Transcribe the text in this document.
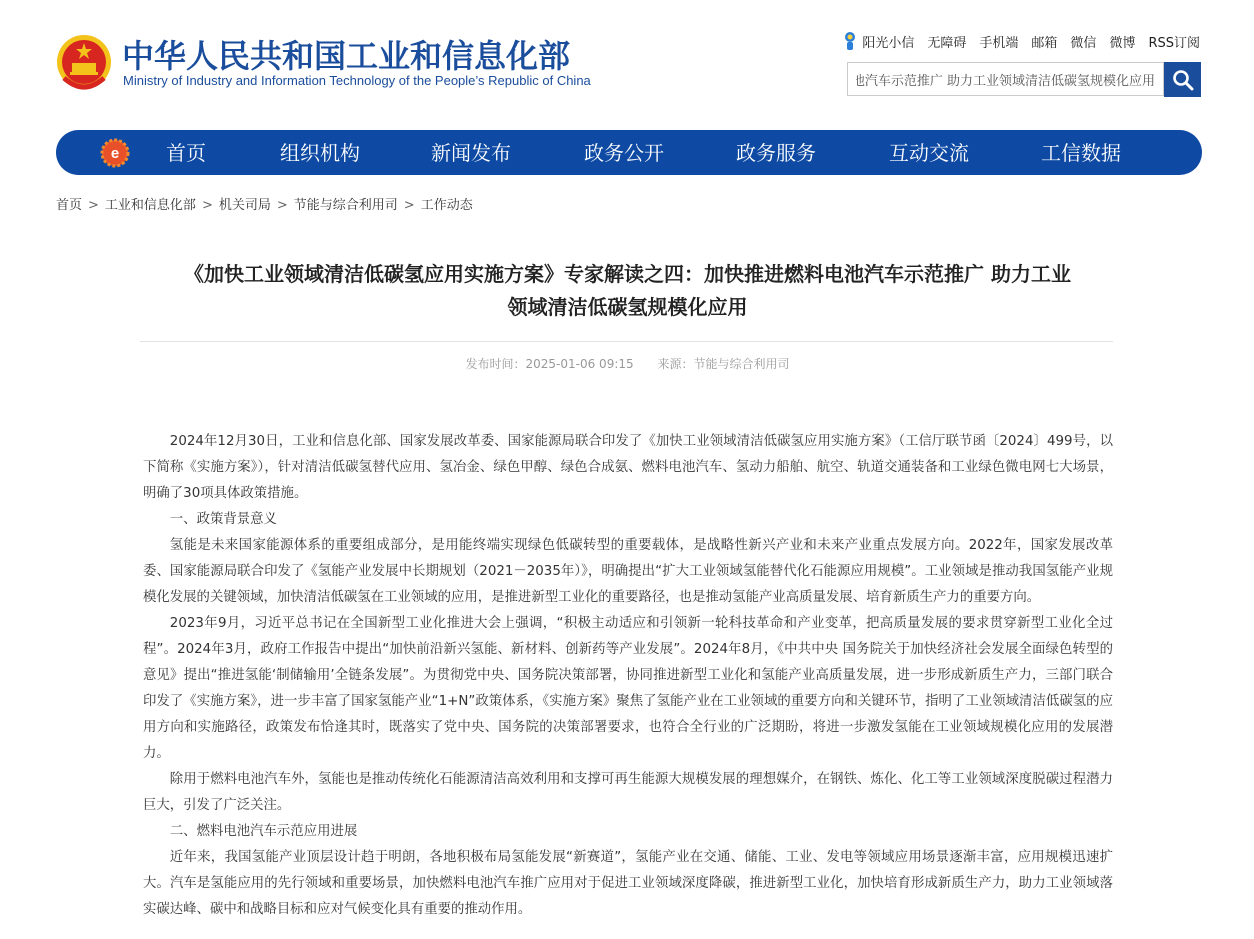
中华人民共和国工业和信息化部
Ministry of Industry and Information Technology of the People’s Republic of China
阳光小信 无障碍 手机端 邮箱 微信 微博 RSS订阅
加快推进燃料电池汽车示范推广 助力工业领域清洁低碳氢规模化应用
e 首页	组织机构	新闻发布	政务公开	政务服务	互动交流	工信数据
首页 > 工业和信息化部 > 机关司局 > 节能与综合利用司 > 工作动态
《加快工业领域清洁低碳氢应用实施方案》专家解读之四：加快推进燃料电池汽车示范推广 助力工业
领域清洁低碳氢规模化应用
发布时间：2025-01-06 09:15 来源：节能与综合利用司

2024年12月30日，工业和信息化部、国家发展改革委、国家能源局联合印发了《加快工业领域清洁低碳氢应用实施方案》（工信厅联节函〔2024〕499号，以下简称《实施方案》），针对清洁低碳氢替代应用、氢冶金、绿色甲醇、绿色合成氨、燃料电池汽车、氢动力船舶、航空、轨道交通装备和工业绿色微电网七大场景，明确了30项具体政策措施。

一、政策背景意义

氢能是未来国家能源体系的重要组成部分，是用能终端实现绿色低碳转型的重要载体，是战略性新兴产业和未来产业重点发展方向。2022年，国家发展改革委、国家能源局联合印发了《氢能产业发展中长期规划（2021－2035年）》，明确提出“扩大工业领域氢能替代化石能源应用规模”。工业领域是推动我国氢能产业规模化发展的关键领域，加快清洁低碳氢在工业领域的应用，是推进新型工业化的重要路径，也是推动氢能产业高质量发展、培育新质生产力的重要方向。

2023年9月，习近平总书记在全国新型工业化推进大会上强调，“积极主动适应和引领新一轮科技革命和产业变革，把高质量发展的要求贯穿新型工业化全过程”。2024年3月，政府工作报告中提出“加快前沿新兴氢能、新材料、创新药等产业发展”。2024年8月，《中共中央 国务院关于加快经济社会发展全面绿色转型的意见》提出“推进氢能‘制储输用’全链条发展”。为贯彻党中央、国务院决策部署，协同推进新型工业化和氢能产业高质量发展，进一步形成新质生产力，三部门联合印发了《实施方案》，进一步丰富了国家氢能产业“1+N”政策体系，《实施方案》聚焦了氢能产业在工业领域的重要方向和关键环节，指明了工业领域清洁低碳氢的应用方向和实施路径，政策发布恰逢其时，既落实了党中央、国务院的决策部署要求，也符合全行业的广泛期盼，将进一步激发氢能在工业领域规模化应用的发展潜力。

除用于燃料电池汽车外，氢能也是推动传统化石能源清洁高效利用和支撑可再生能源大规模发展的理想媒介，在钢铁、炼化、化工等工业领域深度脱碳过程潜力巨大，引发了广泛关注。

二、燃料电池汽车示范应用进展

近年来，我国氢能产业顶层设计趋于明朗，各地积极布局氢能发展“新赛道”，氢能产业在交通、储能、工业、发电等领域应用场景逐渐丰富，应用规模迅速扩大。汽车是氢能应用的先行领域和重要场景，加快燃料电池汽车推广应用对于促进工业领域深度降碳，推进新型工业化，加快培育形成新质生产力，助力工业领域落实碳达峰、碳中和战略目标和应对气候变化具有重要的推动作用。
